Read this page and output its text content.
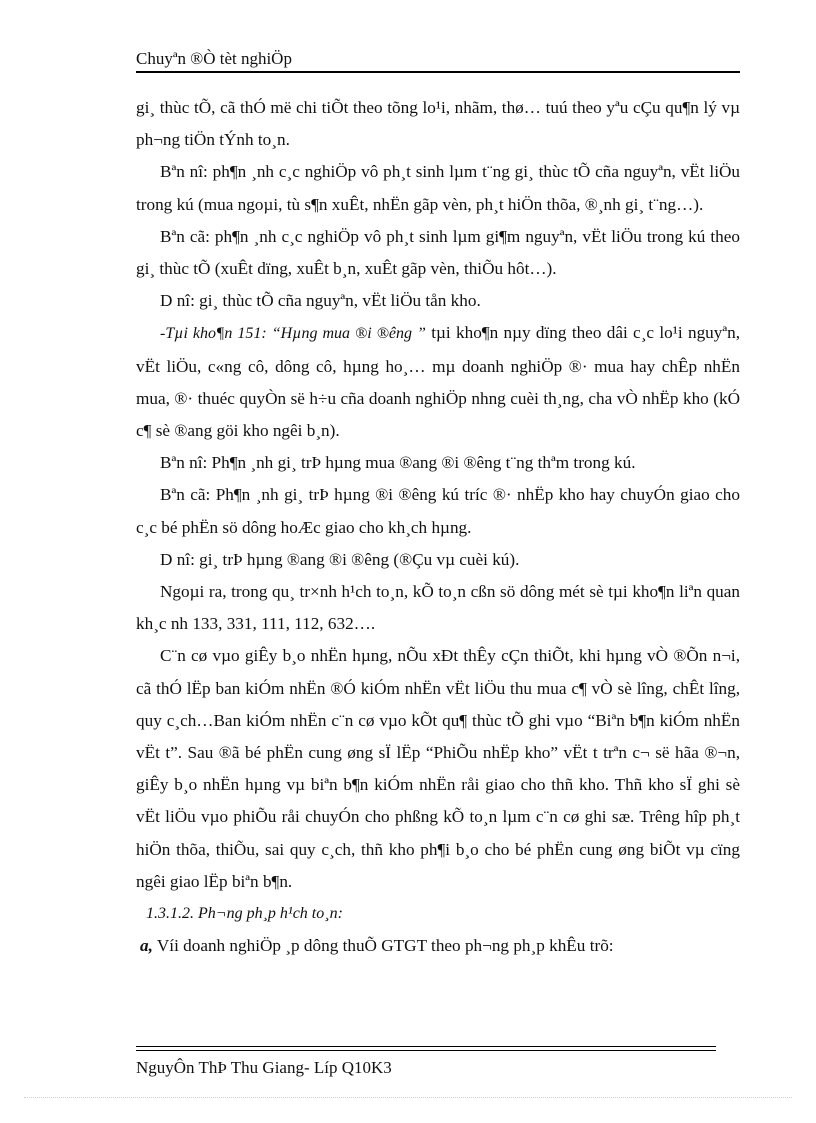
Chuyªn ®Ò tèt nghiÖp

gi¸ thùc tÕ, cã thÓ më chi tiÕt theo tõng lo¹i, nhãm, thø… tuú theo yªu cÇu qu¶n lý vµ ph¬ng tiÖn tÝnh to¸n.

Bªn nî: ph¶n ¸nh c¸c nghiÖp vô ph¸t sinh lµm t¨ng gi¸ thùc tÕ cña nguyªn, vËt liÖu trong kú (mua ngoµi, tù s¶n xuÊt, nhËn gãp vèn, ph¸t hiÖn thõa, ®¸nh gi¸ t¨ng…).

Bªn cã: ph¶n ¸nh c¸c nghiÖp vô ph¸t sinh lµm gi¶m nguyªn, vËt liÖu trong kú theo gi¸ thùc tÕ (xuÊt dïng, xuÊt b¸n, xuÊt gãp vèn, thiÕu hôt…).

D nî: gi¸ thùc tÕ cña nguyªn, vËt liÖu tån kho.

-Tµi kho¶n 151: “Hµng mua ®i ®êng ” tµi kho¶n nµy dïng theo dâi c¸c lo¹i nguyªn, vËt liÖu, c«ng cô, dông cô, hµng ho¸… mµ doanh nghiÖp ®· mua hay chÊp nhËn mua, ®· thuéc quyÒn së h÷u cña doanh nghiÖp nhng cuèi th¸ng, cha vÒ nhËp kho (kÓ c¶ sè ®ang göi kho ngêi b¸n).

Bªn nî: Ph¶n ¸nh gi¸ trÞ hµng mua ®ang ®i ®êng t¨ng thªm trong kú.

Bªn cã: Ph¶n ¸nh gi¸ trÞ hµng ®i ®êng kú tríc ®· nhËp kho hay chuyÓn giao cho c¸c bé phËn sö dông hoÆc giao cho kh¸ch hµng.

D nî: gi¸ trÞ hµng ®ang ®i ®êng (®Çu vµ cuèi kú).

Ngoµi ra, trong qu¸ tr×nh h¹ch to¸n, kÕ to¸n cßn sö dông mét sè tµi kho¶n liªn quan kh¸c nh 133, 331, 111, 112, 632….

C¨n cø vµo giÊy b¸o nhËn hµng, nÕu xÐt thÊy cÇn thiÕt, khi hµng vÒ ®Õn n¬i, cã thÓ lËp ban kiÓm nhËn ®Ó kiÓm nhËn vËt liÖu thu mua c¶ vÒ sè lîng, chÊt lîng, quy c¸ch…Ban kiÓm nhËn c¨n cø vµo kÕt qu¶ thùc tÕ ghi vµo “Biªn b¶n kiÓm nhËn vËt t”. Sau ®ã bé phËn cung øng sÏ lËp “PhiÕu nhËp kho” vËt t trªn c¬ së hãa ®¬n, giÊy b¸o nhËn hµng vµ biªn b¶n kiÓm nhËn råi giao cho thñ kho. Thñ kho sÏ ghi sè vËt liÖu vµo phiÕu råi chuyÓn cho phßng kÕ to¸n lµm c¨n cø ghi sæ. Trêng hîp ph¸t hiÖn thõa, thiÕu, sai quy c¸ch, thñ kho ph¶i b¸o cho bé phËn cung øng biÕt vµ cïng ngêi giao lËp biªn b¶n.

1.3.1.2. Ph¬ng ph¸p h¹ch to¸n:

a, Víi doanh nghiÖp ¸p dông thuÕ GTGT theo ph¬ng ph¸p khÊu trõ:

NguyÔn ThÞ Thu Giang- Líp Q10K3
